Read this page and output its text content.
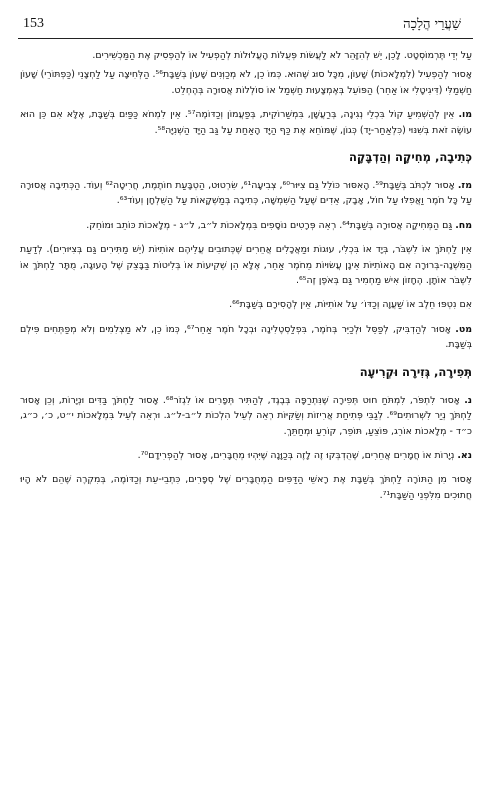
153	שַׁעֲרֵי הֲלָכָה

עַל יְדֵי תֶּרְמוֹסְטָט. לָכֵן, יֵשׁ לְהִזָּהֵר לֹא לַעֲשׂוֹת פְּעֻלּוֹת הָעֲלוּלוֹת לְהַפְעִיל אוֹ לְהַפְסִיק אֶת הַמַּכְשִׁירִים.

אָסוּר לְהַפְעִיל (לִמְלָאכוֹת) שָׁעוֹן, מִכָּל סוּג שֶׁהוּא. כְּמוֹ כֵן, לֹא מְכַוְּנִים שָׁעוֹן בְּשַׁבָּת⁵⁶. הַלְּחִיצָה עַל לַחְצָנֵי (כַּפְתּוֹרֵי) שָׁעוֹן חַשְׁמַלִּי (דִּיגִיטָלִי אוֹ אַחֵר) הַפּוֹעֵל בְּאֶמְצָעוּת חַשְׁמַל אוֹ סוֹלְלוֹת אֲסוּרָה בְּהֶחְלֵט.

מו. אֵין לְהַשְׁמִיעַ קוֹל בִּכְלֵי נְגִינָה, בְּרַעֲשָׁן, בִּמְשַׁרוֹקִית, בְּפַעֲמוֹן וְכַדּוֹמֶה⁵⁷. אֵין לִמְחֹא כַּפַּיִם בְּשַׁבָּת, אֶלָּא אִם כֵּן הוּא עוֹשֶׂה זֹאת בְּשִׁנּוּי (כִּלְאַחַר-יָד) כְּגוֹן, שֶׁמּוֹחֵא אֶת כַּף הַיָּד הָאַחַת עַל גַּב הַיָּד הַשְּׁנִיָּה⁵⁸.

כְּתִיבָה, מְחִיקָה וְהַדְבָּקָה

מז. אָסוּר לִכְתֹּב בְּשַׁבָּת⁵⁹. הָאִסּוּר כּוֹלֵל גַּם צִיּוּר⁶⁰, צְבִיעָה⁶¹, שִׂרְטוּט, הַטְבָּעַת חוֹתֶמֶת, חֲרִיטָה⁶² וְעוֹד. הַכְּתִיבָה אֲסוּרָה עַל כָּל חֹמֶר וַאֲפִלּוּ עַל חוֹל, אָבָק, אֵדִים שֶׁעַל הַשִּׁמְשָׁה, כְּתִיבָה בְּמַשְׁקָאוֹת עַל הַשֻּׁלְחָן וְעוֹד⁶³.

מח. גַּם הַמְּחִיקָה אֲסוּרָה בְּשַׁבָּת⁶⁴. רְאֵה פְּרָטִים נוֹסָפִים בִּמְלָאכוֹת ל״ב, ל״ג - מְלָאכוֹת כּוֹתֵב וּמוֹחֵק.

אֵין לַחְתֹּךְ אוֹ לִשְׁבֹּר, בְּיָד אוֹ בִּכְלִי, עוּגוֹת וּמַאֲכָלִים אֲחֵרִים שֶׁכְּתוּבִים עֲלֵיהֶם אוֹתִיּוֹת (יֵשׁ מַתִּירִים גַּם בְּצִיּוּרִים). לְדַעַת הַמִּשְׁנָה-בְּרוּרָה אִם הָאוֹתִיּוֹת אֵינָן עֲשׂוּיוֹת מֵחֹמֶר אַחֵר, אֶלָּא הֵן שְׁקִיעוֹת אוֹ בְּלִיטוֹת בַּבָּצֵק שֶׁל הָעוּגָה, מֻתָּר לַחְתֹּךְ אוֹ לִשְׁבֹּר אוֹתָן. הֶחָזוֹן אִישׁ מַחְמִיר גַּם בְּאֹפֶן זֶה⁶⁵.

אִם נִטְפּוּ חֵלֶב אוֹ שַׁעֲוָה וְכַדּוֹ׳ עַל אוֹתִיּוֹת, אֵין לְהָסִירָם בְּשַׁבָּת⁶⁶.

מט. אָסוּר לְהַדְבִּיק, לְפַסֵּל וּלְכַיֵּר בְּחֹמֶר, בִּפְלַסְטֶלִינָה וּבְכָל חֹמֶר אַחֵר⁶⁷, כְּמוֹ כֵן, לֹא מַצְלִמִים וְלֹא מְפַתְּחִים פִּילְם בְּשַׁבָּת.

תְּפִירָה, גְּזִירָה וּקְרִיעָה

נ. אָסוּר לִתְפֹּר, לִמְתֹּחַ חוּט תְּפִירָה שֶׁנִּתְרַפָּה בְּבֶגֶד, לְהַתִּיר תְּפָרִים אוֹ לִגְזֹר⁶⁸. אָסוּר לַחְתֹּךְ בַּדִּים וּנְיָרוֹת, וְכֵן אָסוּר לַחְתֹּךְ נְיַר לִשְׁרוּתִים⁶⁹. לְגַבֵּי פְּתִיחַת אֲרִיזוֹת וְשַׂקִּיּוֹת רְאֵה לְעֵיל הִלְכוֹת ל״ב-ל״ג. וּרְאֵה לְעֵיל בִּמְלָאכוֹת י״ט, כ׳, כ״ג, כ״ד - מְלָאכוֹת אוֹרֵג, פּוֹצֵעַ, תּוֹפֵר, קוֹרֵעַ וּמְחַתֵּךְ.

נא. נְיָרוֹת אוֹ חֲמָרִים אֲחֵרִים, שֶׁהֻדְבְּקוּ זֶה לָזֶה בְּכַוָּנָה שֶׁיִּהְיוּ מְחֻבָּרִים, אָסוּר לְהַפְרִידָם⁷⁰.

אָסוּר מִן הַתּוֹרָה לַחְתֹּךְ בְּשַׁבָּת אֶת רָאשֵׁי הַדַּפִּים הַמְחֻבָּרִים שֶׁל סְפָרִים, כִּתְבֵי-עֵת וְכַדּוֹמֶה, בְּמִקְרֶה שֶׁהֵם לֹא הָיוּ חֲתוּכִים מִלִּפְנֵי הַשַּׁבָּת⁷¹.
